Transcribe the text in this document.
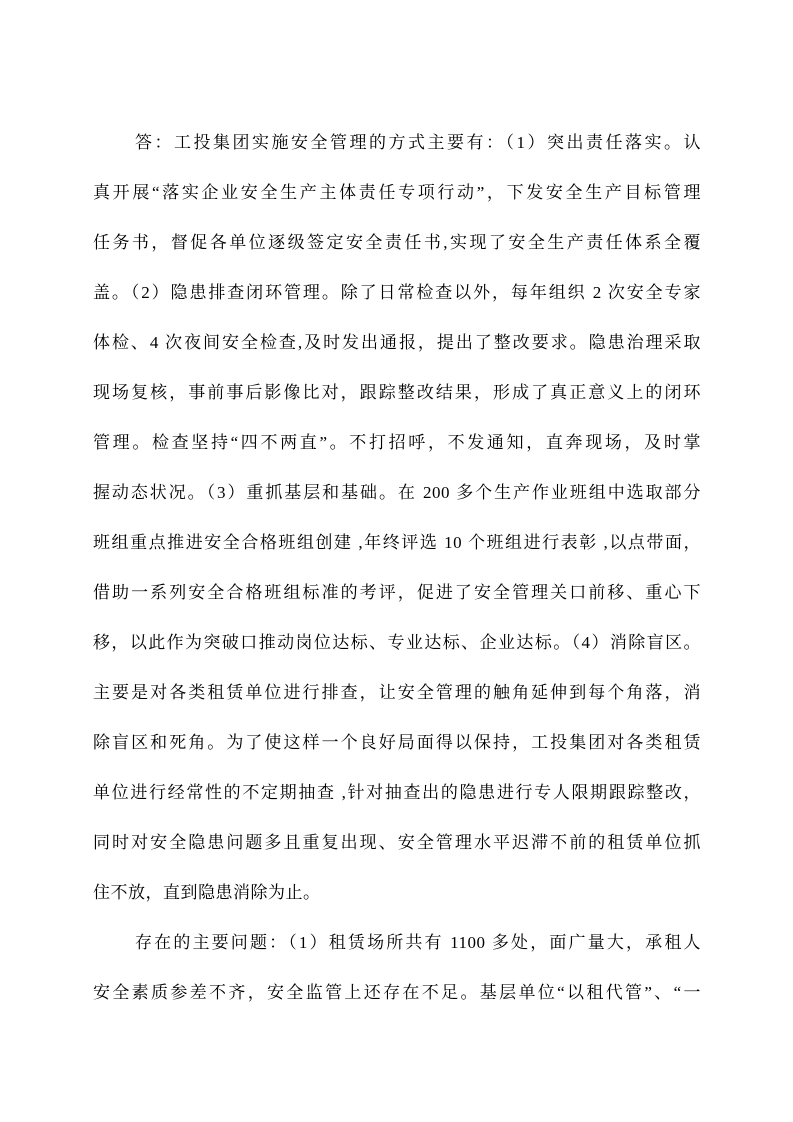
答：工投集团实施安全管理的方式主要有：（1）突出责任落实。认
真开展“落实企业安全生产主体责任专项行动”，下发安全生产目标管理
任务书，督促各单位逐级签定安全责任书,实现了安全生产责任体系全覆
盖。（2）隐患排查闭环管理。除了日常检查以外，每年组织 2 次安全专家
体检、4 次夜间安全检查,及时发出通报，提出了整改要求。隐患治理采取
现场复核，事前事后影像比对，跟踪整改结果，形成了真正意义上的闭环
管理。检查坚持“四不两直”。不打招呼，不发通知，直奔现场，及时掌
握动态状况。（3）重抓基层和基础。在 200 多个生产作业班组中选取部分
班组重点推进安全合格班组创建 ,年终评选 10 个班组进行表彰 ,以点带面，
借助一系列安全合格班组标准的考评，促进了安全管理关口前移、重心下
移，以此作为突破口推动岗位达标、专业达标、企业达标。（4）消除盲区。
主要是对各类租赁单位进行排查，让安全管理的触角延伸到每个角落，消
除盲区和死角。为了使这样一个良好局面得以保持，工投集团对各类租赁
单位进行经常性的不定期抽查 ,针对抽查出的隐患进行专人限期跟踪整改，
同时对安全隐患问题多且重复出现、安全管理水平迟滞不前的租赁单位抓
住不放，直到隐患消除为止。
存在的主要问题：（1）租赁场所共有 1100 多处，面广量大，承租人
安全素质参差不齐，安全监管上还存在不足。基层单位“以租代管”、“一
